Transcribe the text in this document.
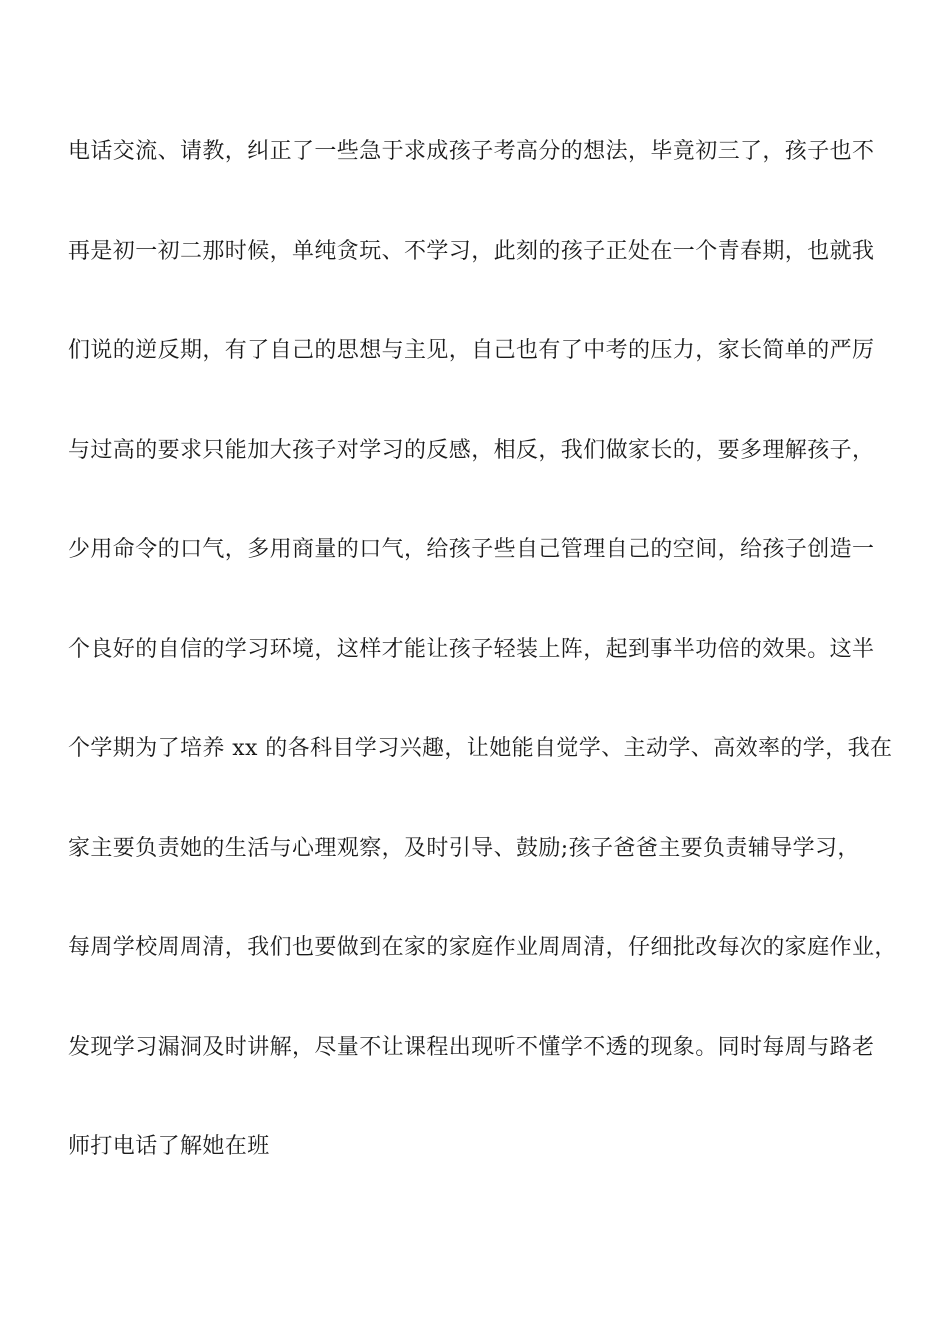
电话交流、请教，纠正了一些急于求成孩子考高分的想法，毕竟初三了，孩子也不
再是初一初二那时候，单纯贪玩、不学习，此刻的孩子正处在一个青春期，也就我
们说的逆反期，有了自己的思想与主见，自己也有了中考的压力，家长简单的严厉
与过高的要求只能加大孩子对学习的反感，相反，我们做家长的，要多理解孩子，
少用命令的口气，多用商量的口气，给孩子些自己管理自己的空间，给孩子创造一
个良好的自信的学习环境，这样才能让孩子轻装上阵，起到事半功倍的效果。这半
个学期为了培养 xx 的各科目学习兴趣，让她能自觉学、主动学、高效率的学，我在
家主要负责她的生活与心理观察，及时引导、鼓励;孩子爸爸主要负责辅导学习，
每周学校周周清，我们也要做到在家的家庭作业周周清，仔细批改每次的家庭作业，
发现学习漏洞及时讲解，尽量不让课程出现听不懂学不透的现象。同时每周与路老
师打电话了解她在班
